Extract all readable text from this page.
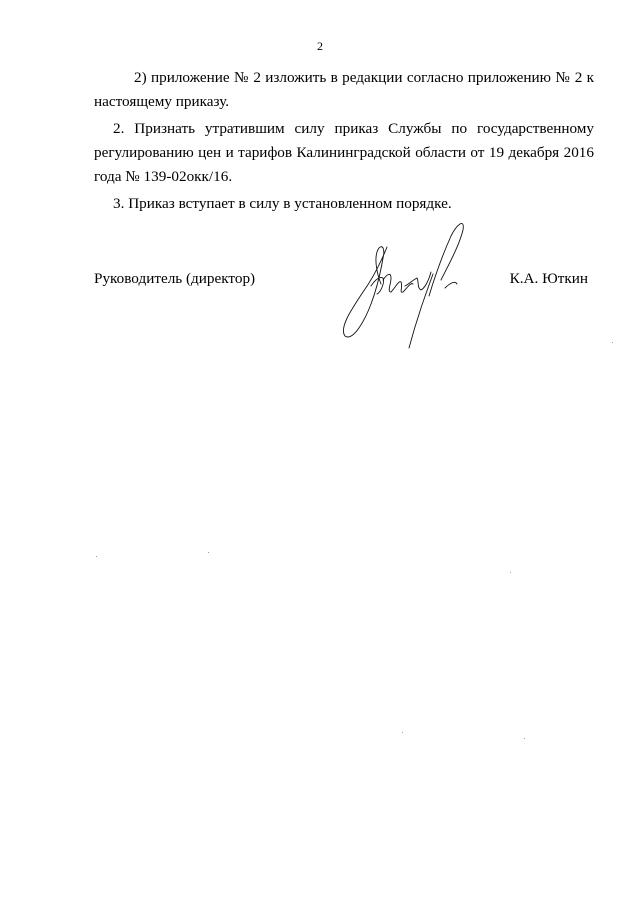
2
2) приложение № 2 изложить в редакции согласно приложению № 2 к настоящему приказу.
2. Признать утратившим силу приказ Службы по государственному регулированию цен и тарифов Калининградской области от 19 декабря 2016 года № 139-02окк/16.
3. Приказ вступает в силу в установленном порядке.
Руководитель (директор)	К.А. Юткин
